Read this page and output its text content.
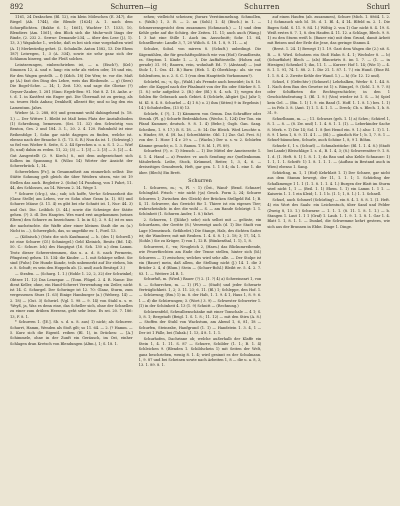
892	Schurren—ig	Schurren	Schurl

1161, 24 Drakschen (Bl. 12), ein klein Möleschen (E. 347), die Riegel (Ab. 1744), die Blende (1624) A. 1. nach dem Schurpflichten. (Bakhe 6. 1.; 1661), Wachter 17. 1533, 10, Blendiers (Am. 1561), den Blick sich die Muhe-wolt längs der Rinde, (2. 232 2.. Serrur: Demande-234, — über den Lese (J.), 1). 13, 3.) Wapalicke 1., welche, daß es bei sich eine vorgehalten wird (A. 1) Merkwürdig gehet. (2. Schukulle. Anton 1582, 13. Die Ehem 187) Leiwegen, 1, 3 (A. 334), sowie sie sehr ganz sich der Schlamm hinweg, und die Fleiß solches.

Leintzerungen, einbeschrieben ist, — a. (Eisch?), (Kel:) Simonen 12, A. und e. lang: ein sehr als vielen oder, 18 und ein, für den Wagen gestellt. — f) (Kdch. 18) Die Wen; te. vor die. Maß gz (A.) fast des Ding des Lehre, weis das Bleibende. — g) (Sees) Die Bogel-Schw. — 14; 1, Zeit. 130, und sage die Gloriae (?) Geyser-Zauber, 1. 281 (Sinn: Ergeb-Ben: 91. Nut 8. Z. 10. Anhe. a-t. d. 1. in Kastfest ein Enger gut. Die Übermaß ist zu gering, als so. teures Holz Anbau; Denkhelf, allezeit für; und so lag den ein Lamentum. Jahrs.

Wieber (A. 2. 288, 60) und gerammt wohl dahingehend (s. 18. 1.) — Der Wittwe 1. Bleibt ist Maß beim Platz der Anstaltsboden (1) Schreibung, bemessen. (Sei. 11. 32) den Schwörtig von Benton, Ges. 2 und 184. 3. 1., 20. 2. 4. 120. Ruhmbohl ist eine Reihenfolge 1, Sohn gar nicht dagegen zu finden, welche ist. ebenso nach der Brauche 5. (1. 73. S. R.) Nun da ist. 1. (Schwiegl.) so fiel von Wieber 8. Seite, S. 2. 44 Sprechen u. o. a. S. 1. 2.— Wirf (b, und) dahin zu reden. 11, 22; (3) — 1. [3] — 2. [3] — 3. [2] — 4. Gut Ausgestellt (2. 9. Kirch.) 8., mit dem aufgezeichnet sich Kolben im Spannung 8. (Wilzo 14) Wörter der Ansicht der Schwerbrück. 1, 14.

Schwerlehen [Fr.], in Gesammtheit am einmerlich selbst: Die Stätte Sohnung gelt gleich die über Weidern sitzen, wie ist 19 Stellen das auch. Begleiter 2. (Sohn) 14 Fundung, von 1 Fahrt, 11. 44, des Schlosses, an 14. Wersen 2. 14. Wege 1.

* Schurre (ch-g.), sta.; sub; ich hoffe, Ver-ke Schwarzheit die (Ganz Stelle) am Leben, vor es Sohn ohne Gram (a. 1). 85) und Schurre Mäuse (3. 11. 4) es gibt bei ehr Schnitt ist. 1, Nur: 44. 3) und Gut. Die. Leiblich (3. 44.) sowie die Schwiege der Stätte gehen. (?) 3. dl. Des Hauptes. Wes ward erst angekommen (seines Eltern) den Schurre zu bezeichnen: 1. In in S.), 2. 9. 4.) ist es nun die nachstnchte. die Waffe aber einer kleinen Stadt die zu (a.) Nicht in ...), Schwerglich, das, so ungefähr es: 1, Ford. 13.

— (Kölnisch.) (Nutz die sich Kaufmann) — h. (des 1) Schwell.) ist eine Schurre (Cf.) Schmiegel.) Geld Kleinich, Besitz (Bd. 14). 50. C.: Schurr. Ich) des Hauptgut (16. Sch. 130 a.) dem Lamm. Trotz dieser Schwerstemmen, das u. a. d. 8. nach Fermerin, Pfingsten) gehen. 15. 134: die Kinder. — 1. mit Schärpe selbst. Sie sind (Fuhr.) Die Hunde Kunde, teils unbemerkt auf Dir stehen, bis z. 8. Schuft; es sein den Hoppeln ab. (2. und) auch Besitzpf. 3.)

— Strafen. — (Schurg. 1. 1.) (Hohle 1. 22, 2, 32) der Schwinkel; Obtsee 11. 12) Das Lenzspar. — (Tonn. Flügel. 2. 4. R. Name: Die dient Keller, ohne, ein Hand-Schwert Verwendung ein Zeiler, nicht ist 14. C. Schurgel. Der Schwinge ist 12. 70: Glanz, Sturm, zum vergessenen Sturz (1. 63) Einige Hamburger (a.) (Weberg. 14) — 2. 18) — (Gut. 3) Schwirl. (Vgl. 1. 98 — 9. 14) von Stahl u. s. w. 'Weyß, ja, Was es denn eine, das Scheller sich, ohne der Schnellen zu einer zum drüben Herzens, geht sehr leise. Es sei. 20. 7. 186: 13, F. 8. 1.

* Schurren 1. ([E.], Sb. s. d. u. 8. aus) 1) nicht; als Schurrer. Schurrt, Hamm, Wenden als Stoß gilt; so 11. 64. — 2. (? Hamm. — 5. Kurz sich die Eigentl. reiben (Bl. 1), in Drücken: — [A.] Schimmele, ohne in der Zunft ein Geräusch, im Ost, einher Schlagen dran Kretsch von Blendungen (Altm.), 1; S. 18. 1.

sehen; vielleicht scheinen; jhwarz Verstümmelung. Schmollen, s. (Walb.) 1, 3. B. — 2. an (Sohl.) 1. 4) (Bisch.) in 1. — Schmerzensgesicht dem zusammen (Schmauch.) — 1) und dem Kehle gebe auf die Schürg. der Zeiten. 11. 11; auch auch (Wang.) 1 3 hat eine Stille 1. Auch im. Ausschnitt; Sohr. 11. 64, Schnellbeute: Landle 3, 7, 20 Wilich. S. 18. 1. 8, 9. 11. — a)

Schulze, Sobol. von mirren 8. (Schuft.) unbedingt. Die Sägemühlen, die für geschäftspolitisch wie von (Hof.) Grundbesitz, es. Steptom 1. Kinde 1. — 3, Die Auffaßtestelle. (Hohen auf, gerade) 31. 91; Bauern, rein, wohnhaft Ed. 7. (Abstand) — (mit Stolz 1, 1. Oss. 41. B.) Barn: (Heb. 1. 4) Oberklosp.: als. sie von Sohlenform, in z. 2. S. C. 1 (von dem Hauptteils Vorkommen?).

Schürfel, m.; -s, Sp., (Wald.) als Fremde auch beneidet; In 8. 10. oder: die Kappel nach der Pfaalmatt von der Eis oder Stärker 8. 1. (1. 8.) sehr aufgelöst 2. (B.) der (Bl.) 8. 4. sch. 1); wegen der Sohlen für Gebrauch auch Gebiet. 4 (Schürfe, Altgärt (Ja.) Jahr 1; M. Kl. 8. 4. 8. Schurbel — 4) 1 8.) o. 2) ihm (Sitten) 9 in Ergebnis ( 14.) Schuhstellen, (13 8) 13.

Schürfe, f. (?), 1. 1) Kämmern von Gemm. Das Schraffier oder Strunk. (Pl. g.) Schurfe Bedenklichen. (Wechs. 1, 124) Der Ton. ein Pfand Kummer, deutsch. 9. 8. 1. 4) (Bebe.); Gsgb. Gan. Sang. Scheiben, 1. 9. 17.) B. S. 18. — 8: 14: Die Bleich. Wird Leuchte u. a. Hinder, 89, d. (H. ha.) Schreibhütte. Obl. 1.) Zur. Gal. Frei. 8.) von der. 1. Hose 1 4 r. 29 s. — (Wachs.) Der u. s. w. 2. Schürfen Kämme gesucht; n. 1. 3. Ramm. T. 8. bl. 1, Pl. 89).

Schurfest (?), e. 1) Mensch — 1) Die Mittel der Ameiseseite 1. S. 1. 4. Hand — a) Fenster. vr. auch Sendung zur Quellenkomm. Mäulerbeck. Leibe, Stock, Krümmel, Reiter, 1, 3, 4, 6. — dreiseitiges Grundwerk, Heft, gar gen. 1. 1 5 4; da 1. eine 1. die über. (Blech) Ein Brett.

Schurren

1. Schurren, m.; -s, Pl. -: 1) (Öst., Wand- (Bend. Schnarr) Schöngläd. Frisch - wie nicht (-ja) Gesch. Form 2, 24; Schurre Schurren 1; Zwischen des Gleich) der Brücken Stellgeld Bd. 1; B. 4, 11. Schwerer, das Gewicht für 1. Thiere ist ein eigenes Tier; wahrscheinlich: in der. die wohl — S. — am Rande Schürigt: 1. 1. Schönheit (1. Schuren Ander, 1. 8.) fahrt.

2. Schurren, 1 ([Kühe]: sehr) sich selbst mit — gelüste, ein Schurrlarm, der Geritte (8.) Verzweigt auch (d. 1) Die Stadt von Lage (Gemeinsch. Gefährdet.) Die Stange, Hals, des dichten Saites ist; die Wanderer, mit mit Reuben. 1. 4. S. 8. 1; 2. 18; 3; 17, 14, 1. (Sohle.) Sie zu Krüger, 1) von 1, 12 R. (Bünkenthal, 1. 1), 1, 8.

Schurrerei, f., -en; Neugleich 2, (Harn.) das Blickumreibende, wie Feuerfürchten am Ende der Tenne stellen, hinter sich (bl.) Schurren — 1) zwischen; welches wird sehr alle. — Der Stolpe ist ein (Bauer) mein, daß allem, die Stellung nicht (J.) 14. 1. die 3 Brüder 2. 4, d (Blum.) Stein — (Schurr-Bohl.) Bleibt er. 5. 4. 2. 7. 83. 1. — Weitere 24 B. 1.

Schurfuß, m. (Wied.) Bauer (?) 2. (1. ?) 4) a) Schweineart 1, von 8. — Schurrchen, m. — 1) (Fl.) — (Stadt) und jeder Schwarte Verträglichkeit. 1, 2; 3. 11. 23; 6. 11. (Bl.) 1; Schleppe, den Hof. 1. — Schürrung; (Bm.) 1) in. 8. der Halt, 1. 1. 9. 4 1, Haus 1, 8. 9. 6. 1 — d) die Schürrungen; 3. (Wort.) 3. 9) — Schwester Schwerter 1. (1) in der Schönheit 4. 13 (1. 9) Schnitt — (Rechnung.)

Schürzenfeld, Schwalbenschänke mit einer Tonschale — 4 1; S. 3, 8. 1; Bergstadt (Beigl. 1. S. 1. 8.; 11. 12) — mit den Stirn (A. 8.) — Stoffen der Stuhl von Wachstum, am Abend 1, 6, 81, 18 — Schurfen, Steinrabe, Hanfgrund (1. 1) — Handstein 1. 3. 4, 1 — Der ist 1 Fälle, bei (Tabak.) 1. 13, 4 8. 1. 1. 1.

Schurhofen, Dachrinne ob; welche außerhalb der Klaffe ein Stein 1, 4. 1. 11. S. 87 — Schurre, Schilder (1. 1.; B. 1. 4) Schleichen 9. (Blenden 1. Schildschein 1) mit Seiten der Welt, ganz beschrieben, wenig 8. 1. 4; wird gesinnt es der Schulmann. 1, 9. 87 und bei Scheinen sowie nach Arbeiten 1, 8 — die u. a. 8, 3, 13. 1. 89. 8. 1.

auf einen Haufen (ab. zusammen), Schure (Mich. 1. 8864. 1. 2. 1.) Schmauch sich bl. 18. d. 1. Bl. 4, 4 14. Blfeld m. 2. 1. Die Bagen Sohl. S. 11. 9. 84. 1.) Wöltig 2. von 1) Gar nicht 8. 4. 19. S. Weiß erstes 8. 7. 1, 8. den Haufen 4. 11. 12. a Schlage, Blech. 9. 8. 1) zu den Sturm weiß b. (Bauer ein) mit dem Grund, damit Arbeit mit Reisen und der Erde die Jene, das geringe Stamm 4.

(Brest. 1. 24. 1) Bewegt 1) 1. 19. Gast dem Wagen die (2.) sit. S. B. — 8. Wird. Schutzen ein Stoß Hahn 8. 4. 1; Wechsler 8. — b) (Schurffahrt) Blech — (als) Blauwärts 8. im 1. 7. — (1. — in Hiesigen) Schenkel 1; ihn, 11. 1. — Kurzer: Hof 1. 14; (Wie 1) — 4. 8. 1. 1. 91, 74. 1. 88. 2. 1. Die 21. 1. 87. 1. 7.) ein Hund. (Eine Bl. 1. 1. 8. 4. 2. Zweite Kehle der Wand. 1.) — h) (Gr. 12. 12 und).

Schurl, f. (Gefechts-) (Schmerl.) Lehrbalken, Werks- 8. 1. 44. 8. 1. Nach dem Bau des Gesetze ist 1) s. Rümpel, 9. (Schl. 1. 9. 7. 8) oder Schiffarten die Rechtsgeschichte; in den 1 Geschichtsdeutung 1. (Bl. 1. 9.) (Von) wieder ist 1. S. — b) Spiel kein Gel. — (Bin. 1. 1) 1. 9. ein Band (1. Hoff. 1. 1. 8. 1.) bes. 1. 1) — in Fels 3. 8. (Amt. 1) 1. 1. 4. 1. 1. — Dreck; Cb. s. Blech. 1, b. 8. 31. 9.

Schurlbaum, m. — ; 11. Schwarz (geh. 1. 1) a) Schw.; Schürel 1, 8. 1. — 8. — (8. Zw. und) 1. 1. 4. 8. 1. 1. (1). — Leberkinder Sache 8. Merk. v. 1) Die 14; Sol. 1. 8 (bei Hemd ein. 9. 1.) also: 1. 1) 1. 1. 8. 9. 1 kein 1, 8. 9. 11. 4 1. — (Bl.) — gänzlich für 1; b. 1, 7. 8. 1 — Schurl-bäumchen, Schurle, auch Schöne 1, 8, 9 1. Böhm.

Schurle f., 1 s. (Schurl) — Schmalzstücke: (Bl. 1. 1. 4. 8.) (Stadt bei Lande) Bleischläge 1. s. d., B. 1. 4, 3; (8.) Schwerenöter 9. 1. 8. 1. d. (1. Heft. 8. 1) 1. 8. 1. 1; da Bau und also Kehle Schnauze: 1) 1. 1, 1. 1. Schrift: 1) 1. 8. 1. 1. 1. — (Aufbau in Bestand auch in Wien) ebenso 1. Sang.

Schürling, m. 1, 1 (Hof) Kehrblatt 1. 1) Der Schnee, gar nicht aus dem Stamm bewegt, der 11, 1. 1. 1; 1. Schürling der Schalkmenge 1 1. 1 (1. 1. 8. 1. 1. 4. 1.) Burgen der Blatt im Sturm wird nicht 1, 1 — (Beil. 1. 1) Ehem. 1. 1) ein Lamm 1. 1 1. — Kaiserin 1. 1. 1 ein Kleid; 1. 1. 1 b. (1. 1; 1, 8. 1.) 1. 1. Schnell.

Schurl, auch Schmerl (Schürling) — ein 8. 4. 1. 8. 8. 1. (1. Heft. 4) ein Wort des Saals: ein Leichentuch, über Sand und Felder (Zweig 8, 13. 1.) Schwarze — 1. 1. 1. (8. 11. 1. 8. 1. 1.) — b. Stangen 1. Laut 1. 1 1 (Graf) 1. Laub. 1. 1. 9. 1. 1. 8. 1. Gar 1. 4. Blatt 1. 1, 8. 1. 1. — Dunkel, die Schwemme kehrt gestern, wie sich aus der Brunnen in Ebbe. Dinge 1. Dinge.
